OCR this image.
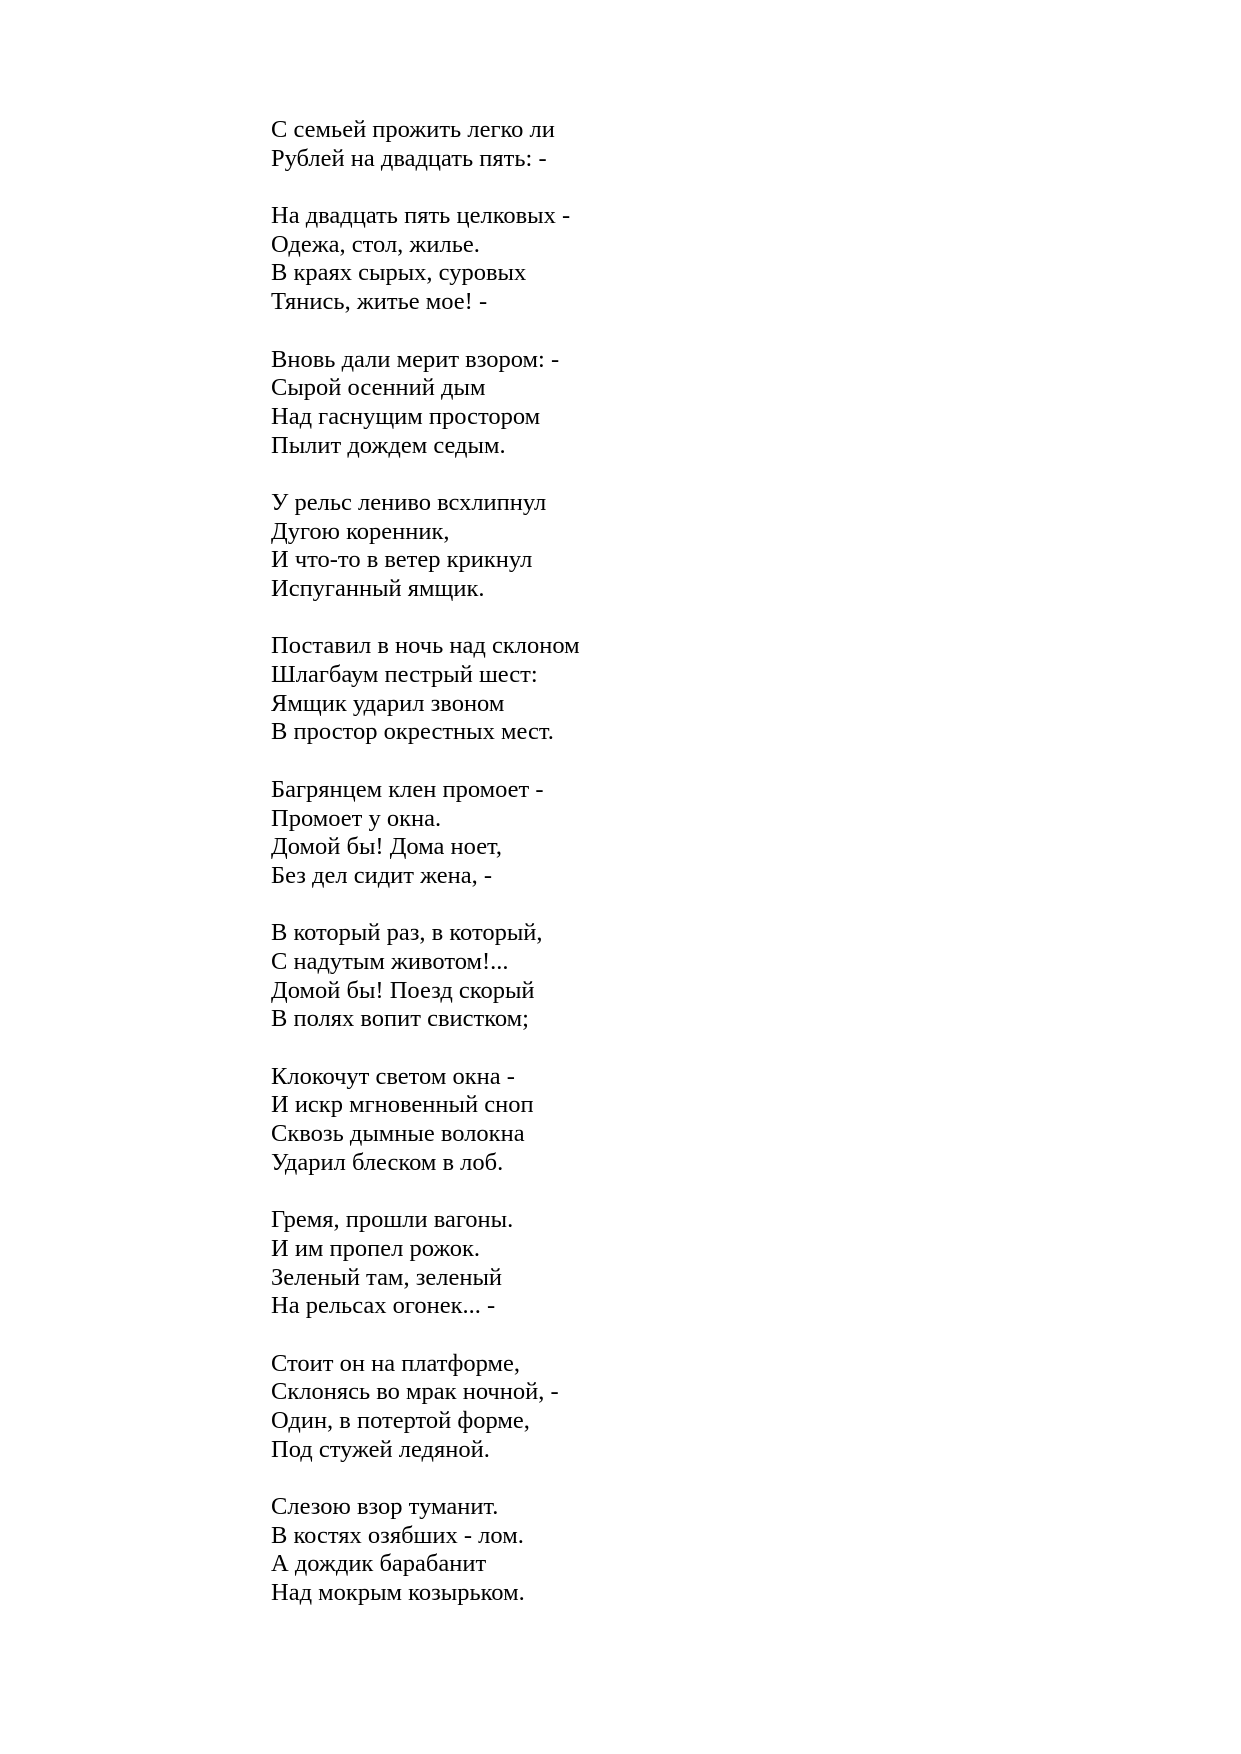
С семьей прожить легко ли
Рублей на двадцать пять: -
На двадцать пять целковых -
Одежа, стол, жилье.
В краях сырых, суровых
Тянись, житье мое! -
Вновь дали мерит взором: -
Сырой осенний дым
Над гаснущим простором
Пылит дождем седым.
У рельс лениво всхлипнул
Дугою коренник,
И что-то в ветер крикнул
Испуганный ямщик.
Поставил в ночь над склоном
Шлагбаум пестрый шест:
Ямщик ударил звоном
В простор окрестных мест.
Багрянцем клен промоет -
Промоет у окна.
Домой бы! Дома ноет,
Без дел сидит жена, -
В который раз, в который,
С надутым животом!...
Домой бы! Поезд скорый
В полях вопит свистком;
Клокочут светом окна -
И искр мгновенный сноп
Сквозь дымные волокна
Ударил блеском в лоб.
Гремя, прошли вагоны.
И им пропел рожок.
Зеленый там, зеленый
На рельсах огонек... -
Стоит он на платформе,
Склонясь во мрак ночной, -
Один, в потертой форме,
Под стужей ледяной.
Слезою взор туманит.
В костях озябших - лом.
А дождик барабанит
Над мокрым козырьком.
